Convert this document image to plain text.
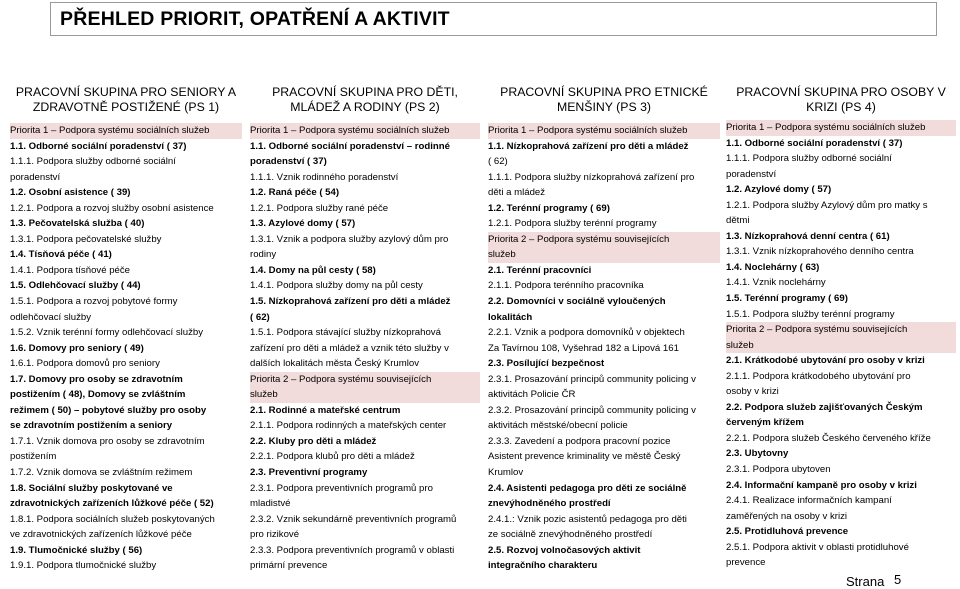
PŘEHLED PRIORIT, OPATŘENÍ A AKTIVIT
PRACOVNÍ SKUPINA PRO SENIORY A
ZDRAVOTNĚ POSTIŽENÉ (PS 1)
Priorita 1 – Podpora systému sociálních služeb
1.1. Odborné sociální poradenství ( 37)
1.1.1. Podpora služby odborné sociální
poradenství
1.2. Osobní asistence ( 39)
1.2.1. Podpora a rozvoj služby osobní asistence
1.3. Pečovatelská služba ( 40)
1.3.1. Podpora pečovatelské služby
1.4. Tísňová péče ( 41)
1.4.1. Podpora tísňové péče
1.5. Odlehčovací služby ( 44)
1.5.1. Podpora a rozvoj pobytové formy
odlehčovací služby
1.5.2. Vznik terénní formy odlehčovací služby
1.6. Domovy pro seniory ( 49)
1.6.1. Podpora domovů pro seniory
1.7. Domovy pro osoby se zdravotním
postižením ( 48), Domovy se zvláštním
režimem ( 50) – pobytové služby pro osoby
se zdravotním postižením a seniory
1.7.1. Vznik domova pro osoby se zdravotním
postižením
1.7.2. Vznik domova se zvláštním režimem
1.8. Sociální služby poskytované ve
zdravotnických zařízeních lůžkové péče ( 52)
1.8.1. Podpora sociálních služeb poskytovaných
ve zdravotnických zařízeních lůžkové péče
1.9. Tlumočnické služby ( 56)
1.9.1. Podpora tlumočnické služby
PRACOVNÍ SKUPINA PRO DĚTI,
MLÁDEŽ A RODINY (PS 2)
Priorita 1 – Podpora systému sociálních služeb
1.1. Odborné sociální poradenství – rodinné
poradenství ( 37)
1.1.1. Vznik rodinného poradenství
1.2. Raná péče ( 54)
1.2.1. Podpora služby rané péče
1.3. Azylové domy ( 57)
1.3.1. Vznik a podpora služby azylový dům pro
rodiny
1.4. Domy na půl cesty ( 58)
1.4.1. Podpora služby domy na půl cesty
1.5. Nízkoprahová zařízení pro děti a mládež
( 62)
1.5.1. Podpora stávající služby nízkoprahová
zařízení pro děti a mládež a vznik této služby v
dalších lokalitách města Český Krumlov
Priorita 2 – Podpora systému souvisejících
služeb
2.1. Rodinné a mateřské centrum
2.1.1. Podpora rodinných a mateřských center
2.2. Kluby pro děti a mládež
2.2.1. Podpora klubů pro děti a mládež
2.3. Preventivní programy
2.3.1. Podpora preventivních programů pro
mladistvé
2.3.2. Vznik sekundárně preventivních programů
pro rizikové
2.3.3. Podpora preventivních programů v oblasti
primární prevence
PRACOVNÍ SKUPINA PRO ETNICKÉ
MENŠINY (PS 3)
Priorita 1 – Podpora systému sociálních služeb
1.1. Nízkoprahová zařízení pro děti a mládež
( 62)
1.1.1. Podpora služby nízkoprahová zařízení pro
děti a mládež
1.2. Terénní programy ( 69)
1.2.1. Podpora služby terénní programy
Priorita 2 – Podpora systému souvisejících
služeb
2.1. Terénní pracovníci
2.1.1. Podpora terénního pracovníka
2.2. Domovníci v sociálně vyloučených
lokalitách
2.2.1. Vznik a podpora domovníků v objektech
Za Tavírnou 108, Vyšehrad 182 a Lipová 161
2.3. Posílující bezpečnost
2.3.1. Prosazování principů community policing v
aktivitách Policie ČR
2.3.2. Prosazování principů community policing v
aktivitách městské/obecní policie
2.3.3. Zavedení a podpora pracovní pozice
Asistent prevence kriminality ve městě Český
Krumlov
2.4. Asistenti pedagoga pro děti ze sociálně
znevýhodněného prostředí
2.4.1.: Vznik pozic asistentů pedagoga pro děti
ze sociálně znevýhodněného prostředí
2.5. Rozvoj volnočasových aktivit
integračního charakteru
PRACOVNÍ SKUPINA PRO OSOBY V
KRIZI (PS 4)
Priorita 1 – Podpora systému sociálních služeb
1.1. Odborné sociální poradenství ( 37)
1.1.1. Podpora služby odborné sociální
poradenství
1.2. Azylové domy ( 57)
1.2.1. Podpora služby Azylový dům pro matky s
dětmi
1.3. Nízkoprahová denní centra ( 61)
1.3.1. Vznik nízkoprahového denního centra
1.4. Noclehárny ( 63)
1.4.1. Vznik noclehárny
1.5. Terénní programy ( 69)
1.5.1. Podpora služby terénní programy
Priorita 2 – Podpora systému souvisejících
služeb
2.1. Krátkodobé ubytování pro osoby v krizi
2.1.1. Podpora krátkodobého ubytování pro
osoby v krizi
2.2. Podpora služeb zajišťovaných Českým
červeným křížem
2.2.1. Podpora služeb Českého červeného kříže
2.3. Ubytovny
2.3.1. Podpora ubytoven
2.4. Informační kampaně pro osoby v krizi
2.4.1. Realizace informačních kampaní
zaměřených na osoby v krizi
2.5. Protidluhová prevence
2.5.1. Podpora aktivit v oblasti protidluhové
prevence
Strana 5
